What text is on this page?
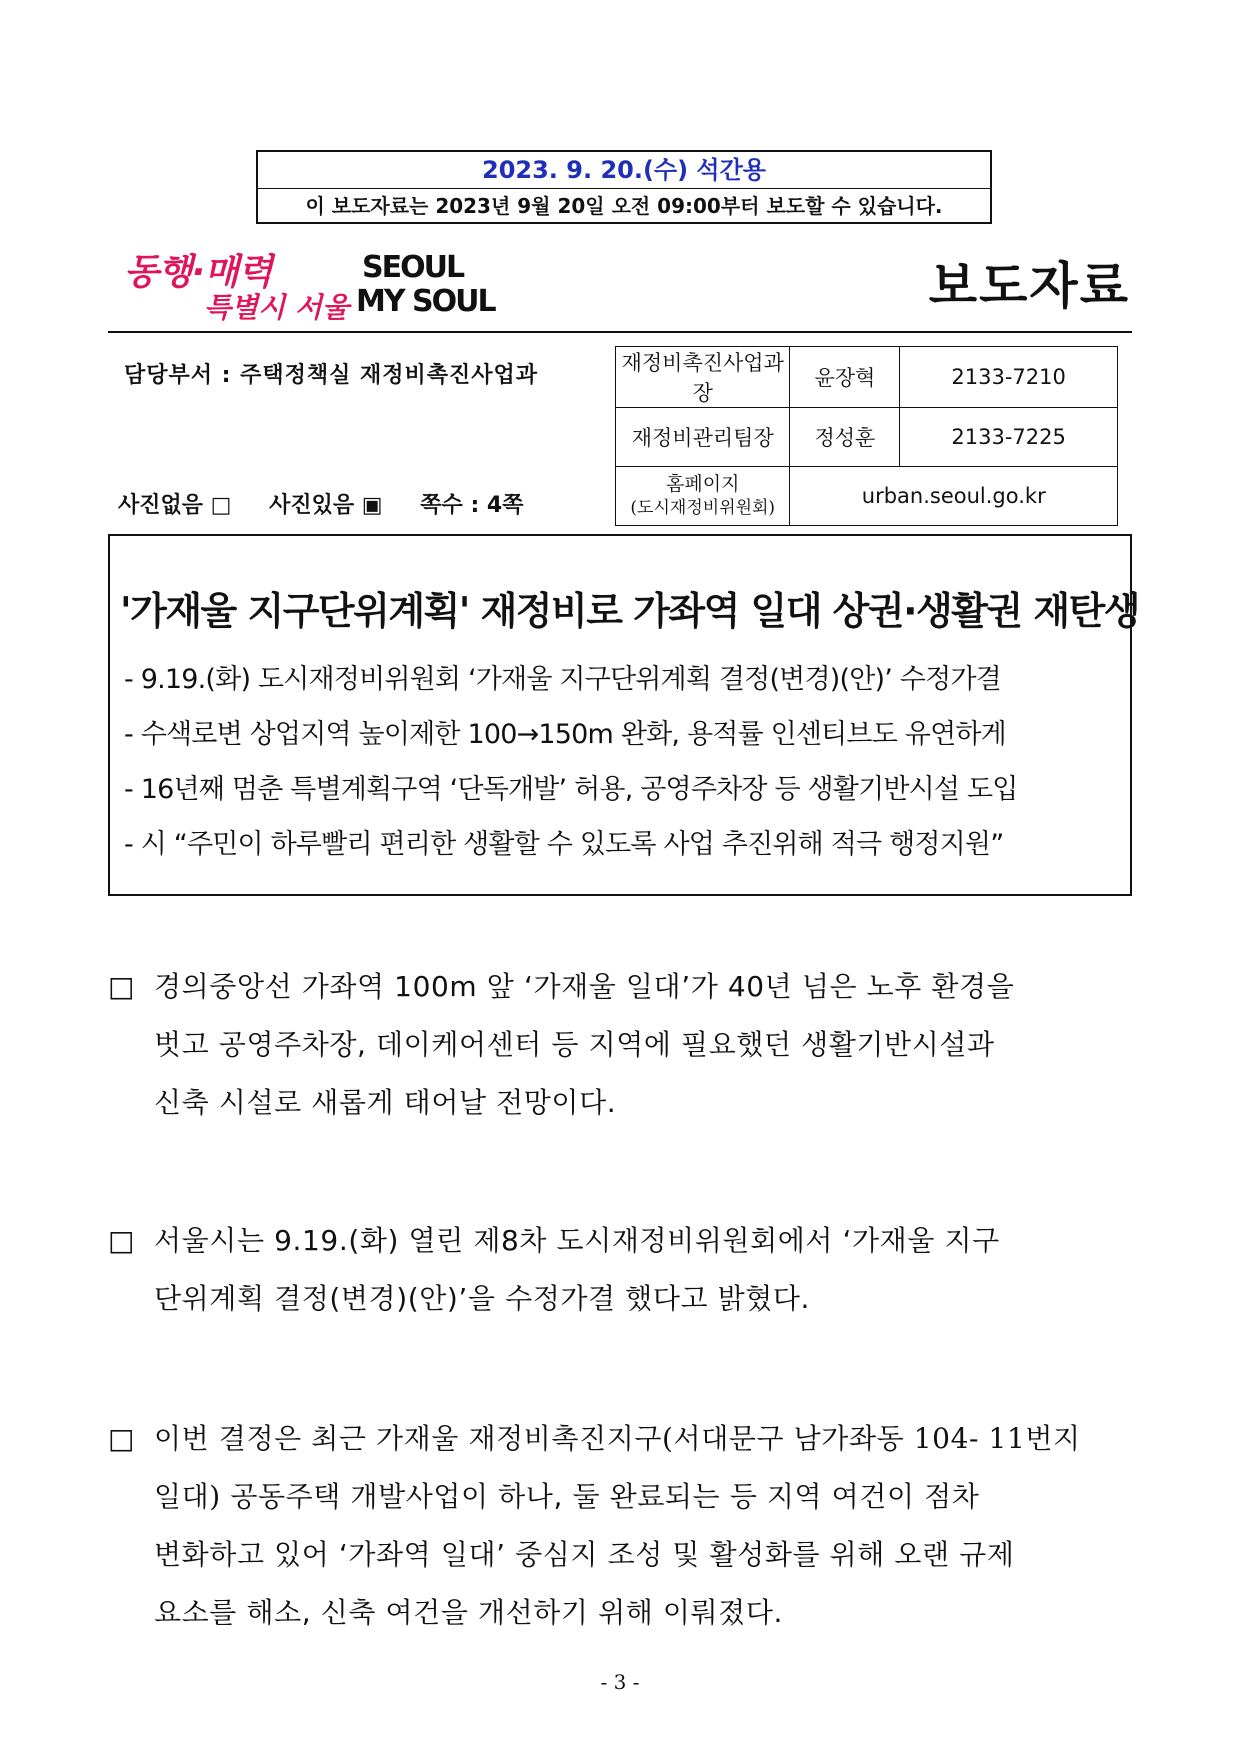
2023. 9. 20.(수) 석간용
이 보도자료는 2023년 9월 20일 오전 09:00부터 보도할 수 있습니다.
동행·매력
특별시 서울
SEOUL
MY SOUL	보도자료
담당부서 : 주택정책실 재정비촉진사업과
사진없음 □ 사진있음 ▣ 쪽수 : 4쪽
재정비촉진사업과장	윤장혁	2133-7210
재정비관리팀장	정성훈	2133-7225

홈페이지
(도시재정비위원회)	urban.seoul.go.kr	
'가재울 지구단위계획' 재정비로 가좌역 일대 상권·생활권 재탄생
- 9.19.(화) 도시재정비위원회 ‘가재울 지구단위계획 결정(변경)(안)’ 수정가결
- 수색로변 상업지역 높이제한 100→150m 완화, 용적률 인센티브도 유연하게
- 16년째 멈춘 특별계획구역 ‘단독개발’ 허용, 공영주차장 등 생활기반시설 도입
- 시 “주민이 하루빨리 편리한 생활할 수 있도록 사업 추진위해 적극 행정지원”
□ 경의중앙선 가좌역 100m 앞 ‘가재울 일대’가 40년 넘은 노후 환경을
벗고 공영주차장, 데이케어센터 등 지역에 필요했던 생활기반시설과
신축 시설로 새롭게 태어날 전망이다.
□ 서울시는 9.19.(화) 열린 제8차 도시재정비위원회에서 ‘가재울 지구
단위계획 결정(변경)(안)’을 수정가결 했다고 밝혔다.
□ 이번 결정은 최근 가재울 재정비촉진지구(서대문구 남가좌동 104- 11번지
일대) 공동주택 개발사업이 하나, 둘 완료되는 등 지역 여건이 점차
변화하고 있어 ‘가좌역 일대’ 중심지 조성 및 활성화를 위해 오랜 규제
요소를 해소, 신축 여건을 개선하기 위해 이뤄졌다.
- 3 -
